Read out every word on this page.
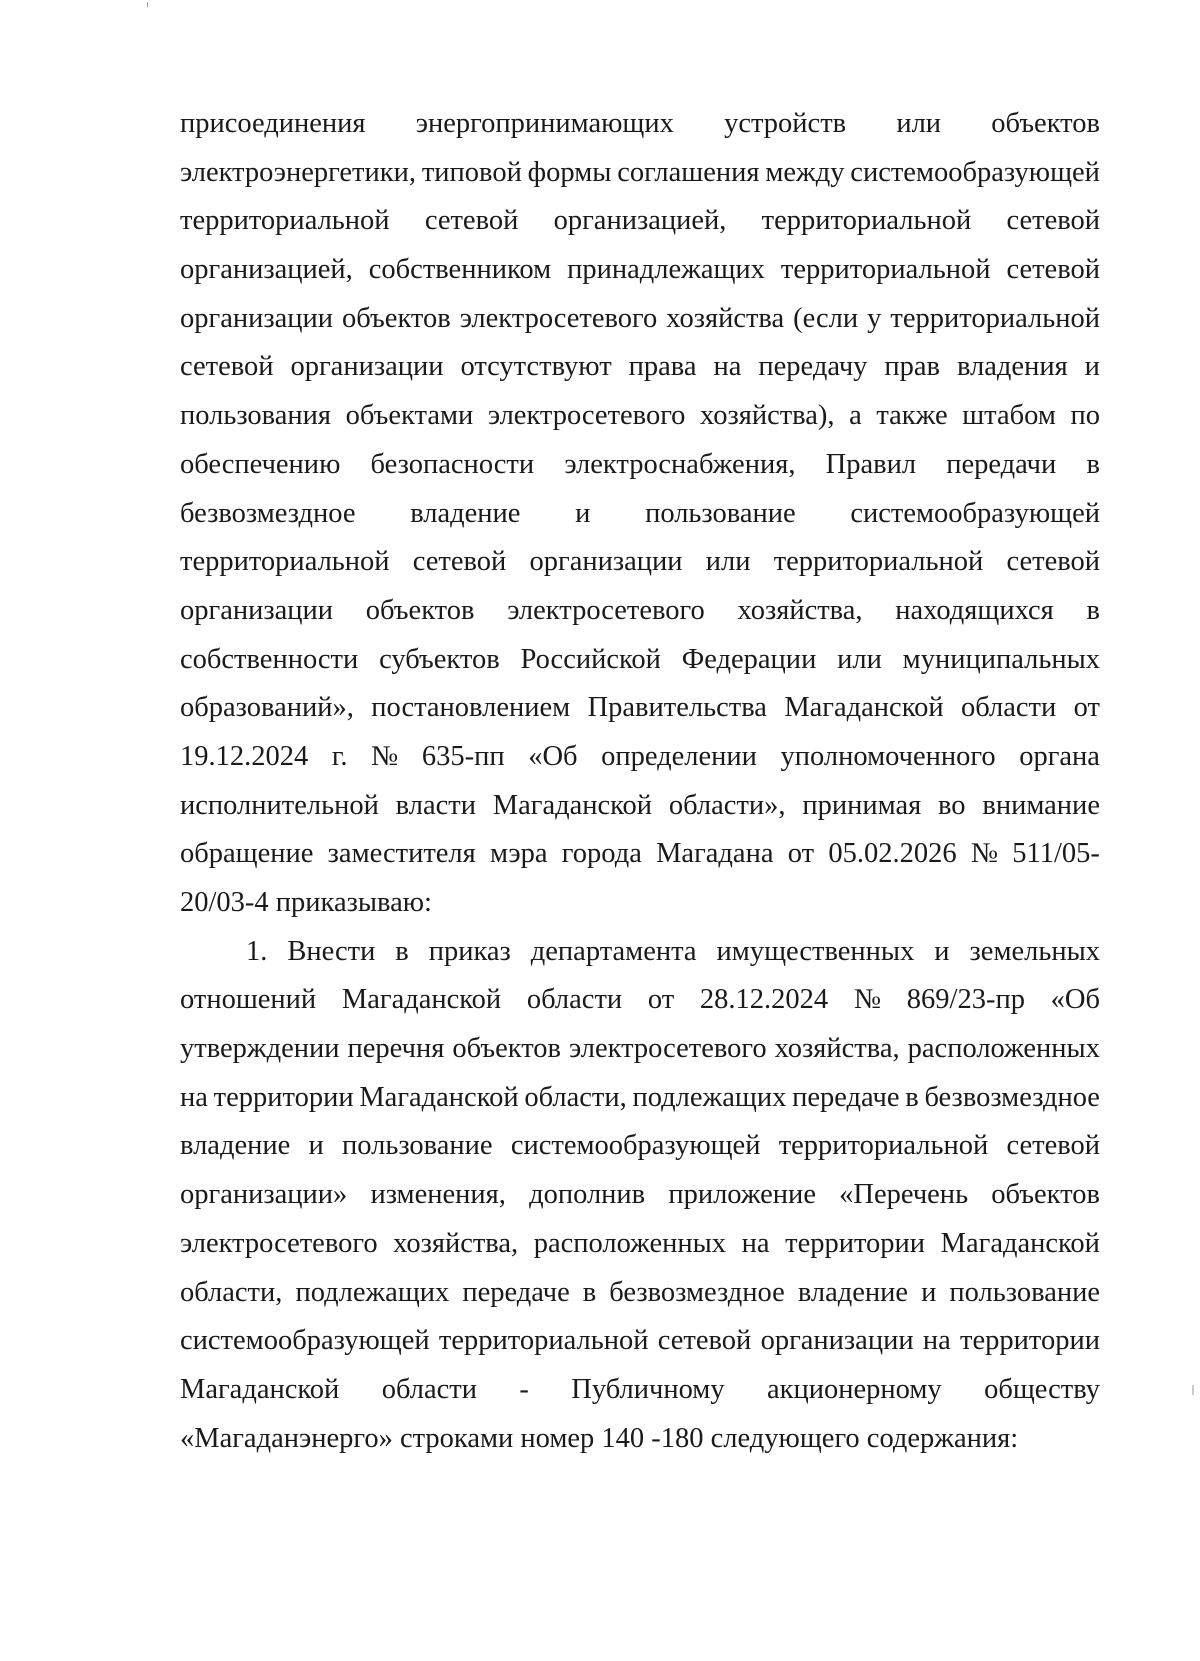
присоединения энергопринимающих устройств или объектов
электроэнергетики, типовой формы соглашения между системообразующей
территориальной сетевой организацией, территориальной сетевой
организацией, собственником принадлежащих территориальной сетевой
организации объектов электросетевого хозяйства (если у территориальной
сетевой организации отсутствуют права на передачу прав владения и
пользования объектами электросетевого хозяйства), а также штабом по
обеспечению безопасности электроснабжения, Правил передачи в
безвозмездное владение и пользование системообразующей
территориальной сетевой организации или территориальной сетевой
организации объектов электросетевого хозяйства, находящихся в
собственности субъектов Российской Федерации или муниципальных
образований», постановлением Правительства Магаданской области от
19.12.2024 г. № 635-пп «Об определении уполномоченного органа
исполнительной власти Магаданской области», принимая во внимание
обращение заместителя мэра города Магадана от 05.02.2026 № 511/05-
20/03-4 приказываю:
1. Внести в приказ департамента имущественных и земельных
отношений Магаданской области от 28.12.2024 № 869/23-пр «Об
утверждении перечня объектов электросетевого хозяйства, расположенных
на территории Магаданской области, подлежащих передаче в безвозмездное
владение и пользование системообразующей территориальной сетевой
организации» изменения, дополнив приложение «Перечень объектов
электросетевого хозяйства, расположенных на территории Магаданской
области, подлежащих передаче в безвозмездное владение и пользование
системообразующей территориальной сетевой организации на территории
Магаданской области - Публичному акционерному обществу
«Магаданэнерго» строками номер 140 -180 следующего содержания:
